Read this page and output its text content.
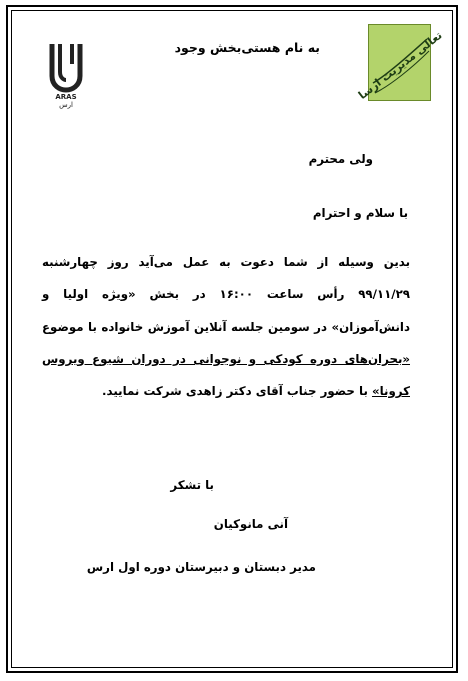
تعالی مدیریت ارسا
ARAS
ارس
به نام هستی‌بخش وجود
ولی محترم
با سلام و احترام
بدین وسیله از شما دعوت به عمل می‌آید روز چهارشنبه ۹۹/۱۱/۲۹ رأس ساعت ۱۶:۰۰ در بخش «ویژه اولیا و دانش‌آموزان» در سومین جلسه آنلاین آموزش خانواده با موضوع «بحران‌های دوره کودکی و نوجوانی در دوران شیوع ویروس کرونا» با حضور جناب آقای دکتر زاهدی شرکت نمایید.
با تشکر
آنی مانوکیان
مدیر دبستان و دبیرستان دوره اول ارس
